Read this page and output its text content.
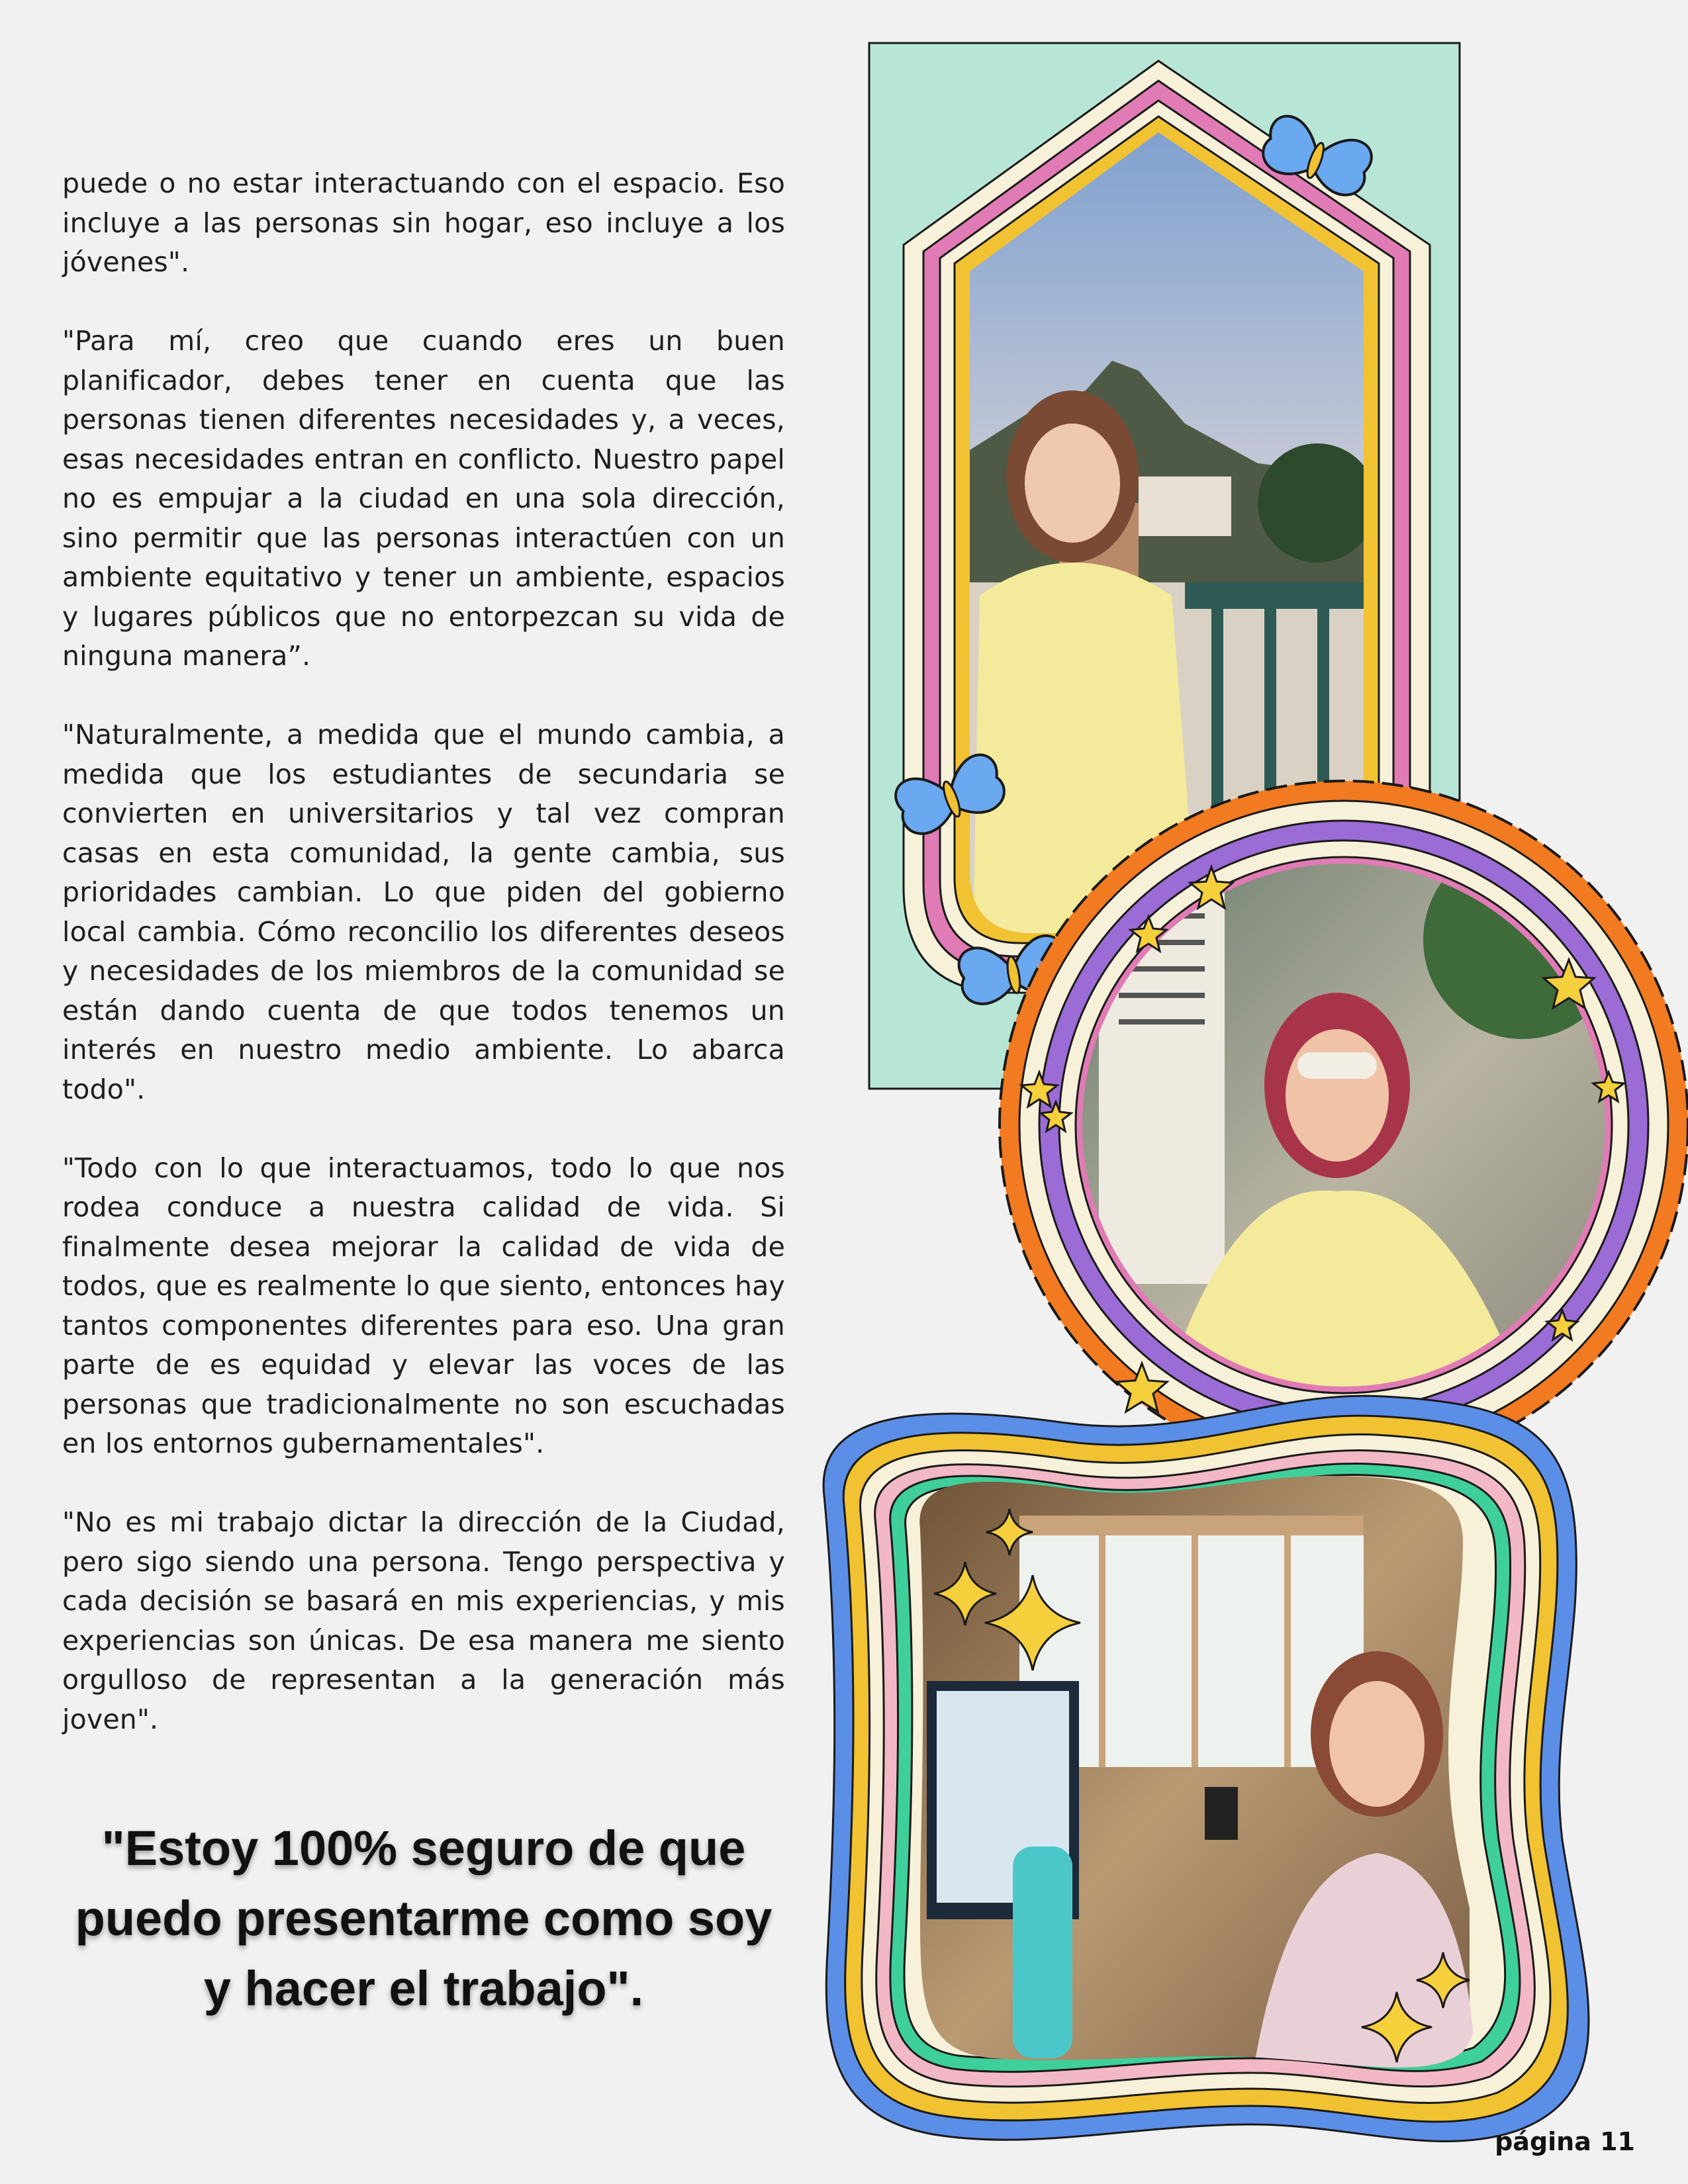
puede o no estar interactuando con el espacio. Eso incluye a las personas sin hogar, eso incluye a los jóvenes".

"Para mí, creo que cuando eres un buen planificador, debes tener en cuenta que las personas tienen diferentes necesidades y, a veces, esas necesidades entran en conflicto. Nuestro papel no es empujar a la ciudad en una sola dirección, sino permitir que las personas interactúen con un ambiente equitativo y tener un ambiente, espacios y lugares públicos que no entorpezcan su vida de ninguna manera”.

"Naturalmente, a medida que el mundo cambia, a medida que los estudiantes de secundaria se convierten en universitarios y tal vez compran casas en esta comunidad, la gente cambia, sus prioridades cambian. Lo que piden del gobierno local cambia. Cómo reconcilio los diferentes deseos y necesidades de los miembros de la comunidad se están dando cuenta de que todos tenemos un interés en nuestro medio ambiente. Lo abarca todo".

"Todo con lo que interactuamos, todo lo que nos rodea conduce a nuestra calidad de vida. Si finalmente desea mejorar la calidad de vida de todos, que es realmente lo que siento, entonces hay tantos componentes diferentes para eso. Una gran parte de es equidad y elevar las voces de las personas que tradicionalmente no son escuchadas en los entornos gubernamentales".

"No es mi trabajo dictar la dirección de la Ciudad, pero sigo siendo una persona. Tengo perspectiva y cada decisión se basará en mis experiencias, y mis experiencias son únicas. De esa manera me siento orgulloso de representan a la generación más joven".

"Estoy 100% seguro de que puedo presentarme como soy y hacer el trabajo".
página 11
